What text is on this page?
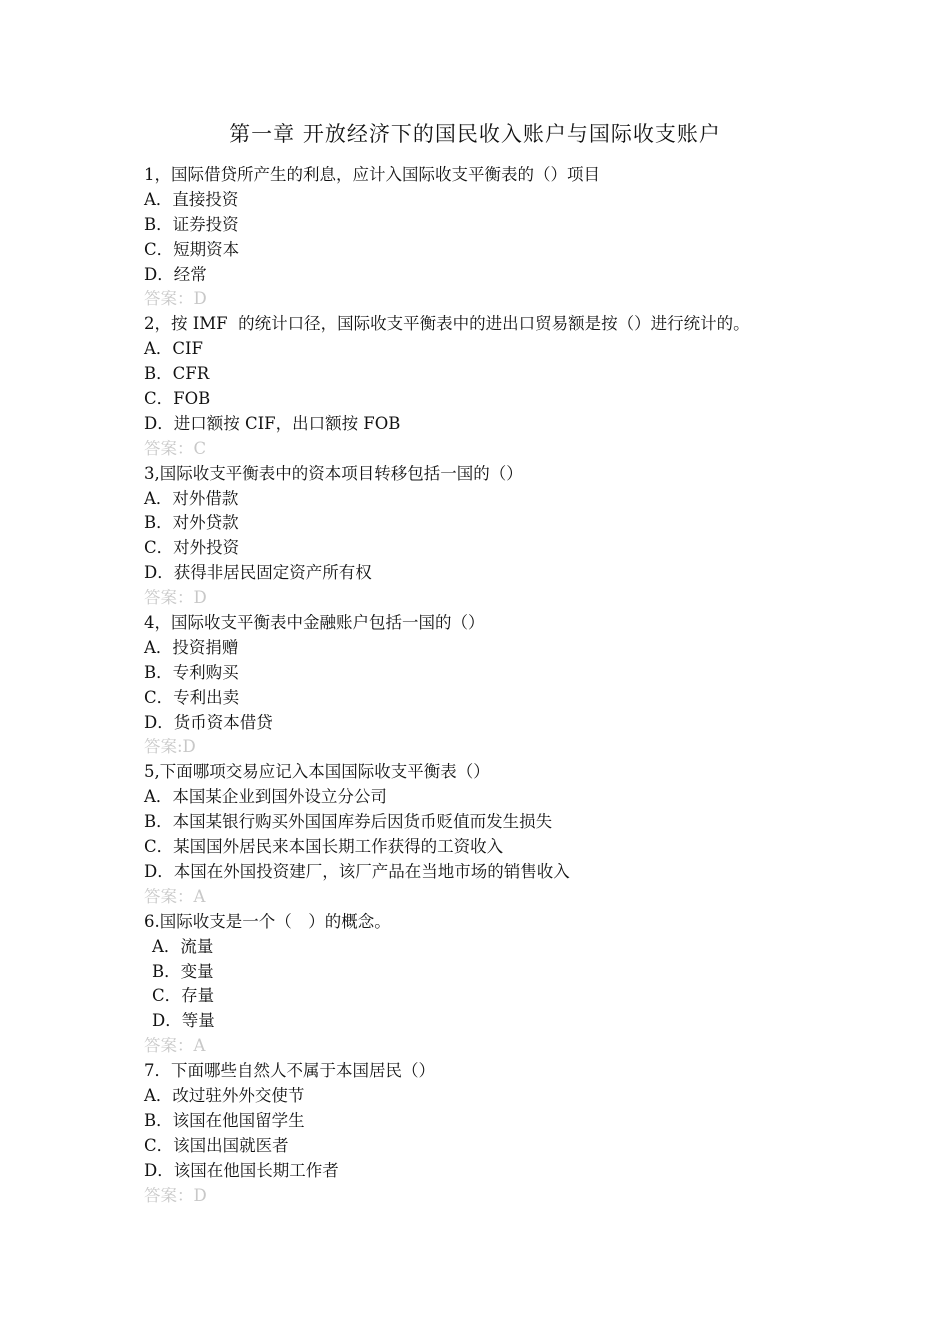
第一章 开放经济下的国民收入账户与国际收支账户
1，国际借贷所产生的利息，应计入国际收支平衡表的（）项目
A．直接投资
B．证券投资
C．短期资本
D．经常
答案：D
2，按 IMF  的统计口径，国际收支平衡表中的进出口贸易额是按（）进行统计的。
A．CIF
B．CFR
C．FOB
D．进口额按 CIF，出口额按 FOB
答案：C
3,国际收支平衡表中的资本项目转移包括一国的（）
A．对外借款
B．对外贷款
C．对外投资
D．获得非居民固定资产所有权
答案：D
4，国际收支平衡表中金融账户包括一国的（）
A．投资捐赠
B．专利购买
C．专利出卖
D．货币资本借贷
答案:D
5,下面哪项交易应记入本国国际收支平衡表（）
A．本国某企业到国外设立分公司
B．本国某银行购买外国国库券后因货币贬值而发生损失
C．某国国外居民来本国长期工作获得的工资收入
D．本国在外国投资建厂，该厂产品在当地市场的销售收入
答案：A
6.国际收支是一个（　）的概念。
A．流量
B．变量
C．存量
D．等量
答案：A
7．下面哪些自然人不属于本国居民（）
A．改过驻外外交使节
B．该国在他国留学生
C．该国出国就医者
D．该国在他国长期工作者
答案：D
